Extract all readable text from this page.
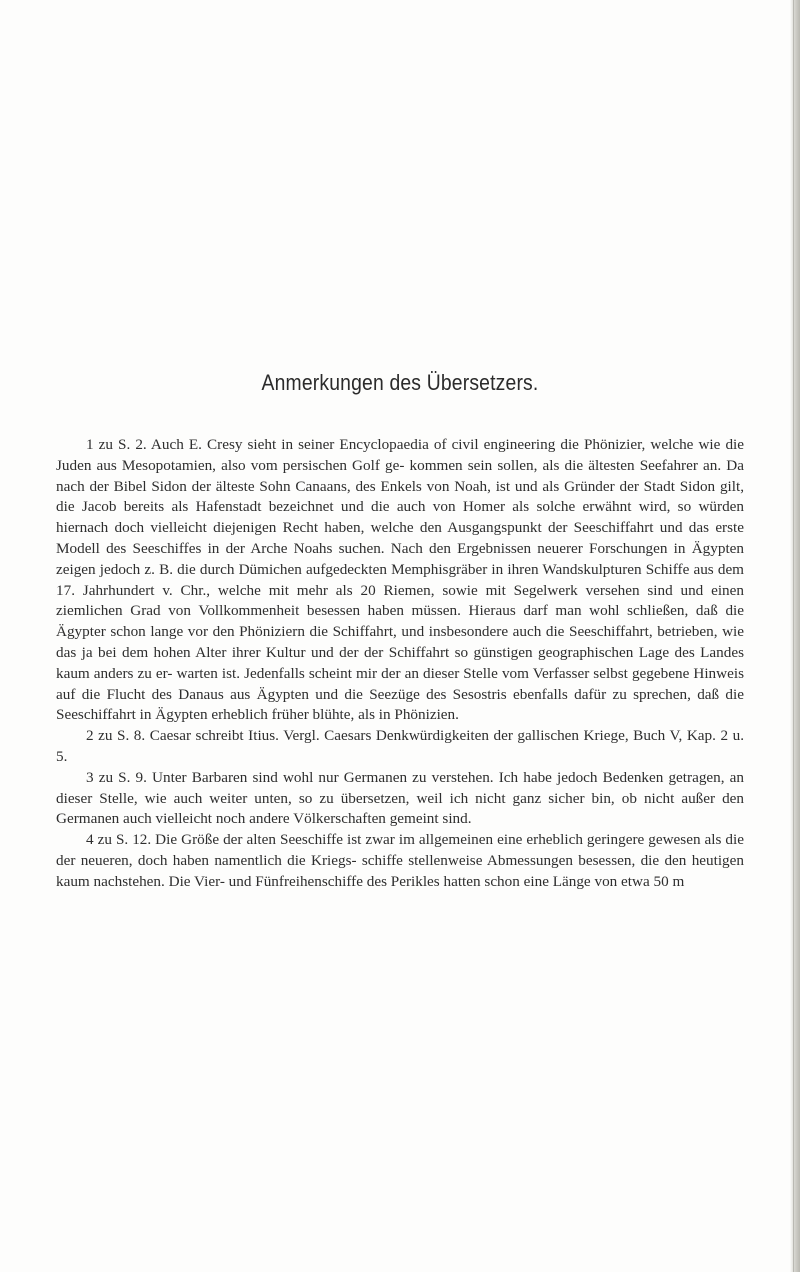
Anmerkungen des Übersetzers.

1 zu S. 2. Auch E. Cresy sieht in seiner Encyclopaedia of civil engineering die Phönizier, welche wie die Juden aus Mesopotamien, also vom persischen Golf ge- kommen sein sollen, als die ältesten Seefahrer an. Da nach der Bibel Sidon der älteste Sohn Canaans, des Enkels von Noah, ist und als Gründer der Stadt Sidon gilt, die Jacob bereits als Hafenstadt bezeichnet und die auch von Homer als solche erwähnt wird, so würden hiernach doch vielleicht diejenigen Recht haben, welche den Ausgangspunkt der Seeschiffahrt und das erste Modell des Seeschiffes in der Arche Noahs suchen. Nach den Ergebnissen neuerer Forschungen in Ägypten zeigen jedoch z. B. die durch Dümichen aufgedeckten Memphisgräber in ihren Wandskulpturen Schiffe aus dem 17. Jahrhundert v. Chr., welche mit mehr als 20 Riemen, sowie mit Segelwerk versehen sind und einen ziemlichen Grad von Vollkommenheit besessen haben müssen. Hieraus darf man wohl schließen, daß die Ägypter schon lange vor den Phöniziern die Schiffahrt, und insbesondere auch die Seeschiffahrt, betrieben, wie das ja bei dem hohen Alter ihrer Kultur und der der Schiffahrt so günstigen geographischen Lage des Landes kaum anders zu er- warten ist. Jedenfalls scheint mir der an dieser Stelle vom Verfasser selbst gegebene Hinweis auf die Flucht des Danaus aus Ägypten und die Seezüge des Sesostris ebenfalls dafür zu sprechen, daß die Seeschiffahrt in Ägypten erheblich früher blühte, als in Phönizien.

2 zu S. 8. Caesar schreibt Itius. Vergl. Caesars Denkwürdigkeiten der gallischen Kriege, Buch V, Kap. 2 u. 5.

3 zu S. 9. Unter Barbaren sind wohl nur Germanen zu verstehen. Ich habe jedoch Bedenken getragen, an dieser Stelle, wie auch weiter unten, so zu übersetzen, weil ich nicht ganz sicher bin, ob nicht außer den Germanen auch vielleicht noch andere Völkerschaften gemeint sind.

4 zu S. 12. Die Größe der alten Seeschiffe ist zwar im allgemeinen eine erheblich geringere gewesen als die der neueren, doch haben namentlich die Kriegs- schiffe stellenweise Abmessungen besessen, die den heutigen kaum nachstehen. Die Vier- und Fünfreihenschiffe des Perikles hatten schon eine Länge von etwa 50 m
